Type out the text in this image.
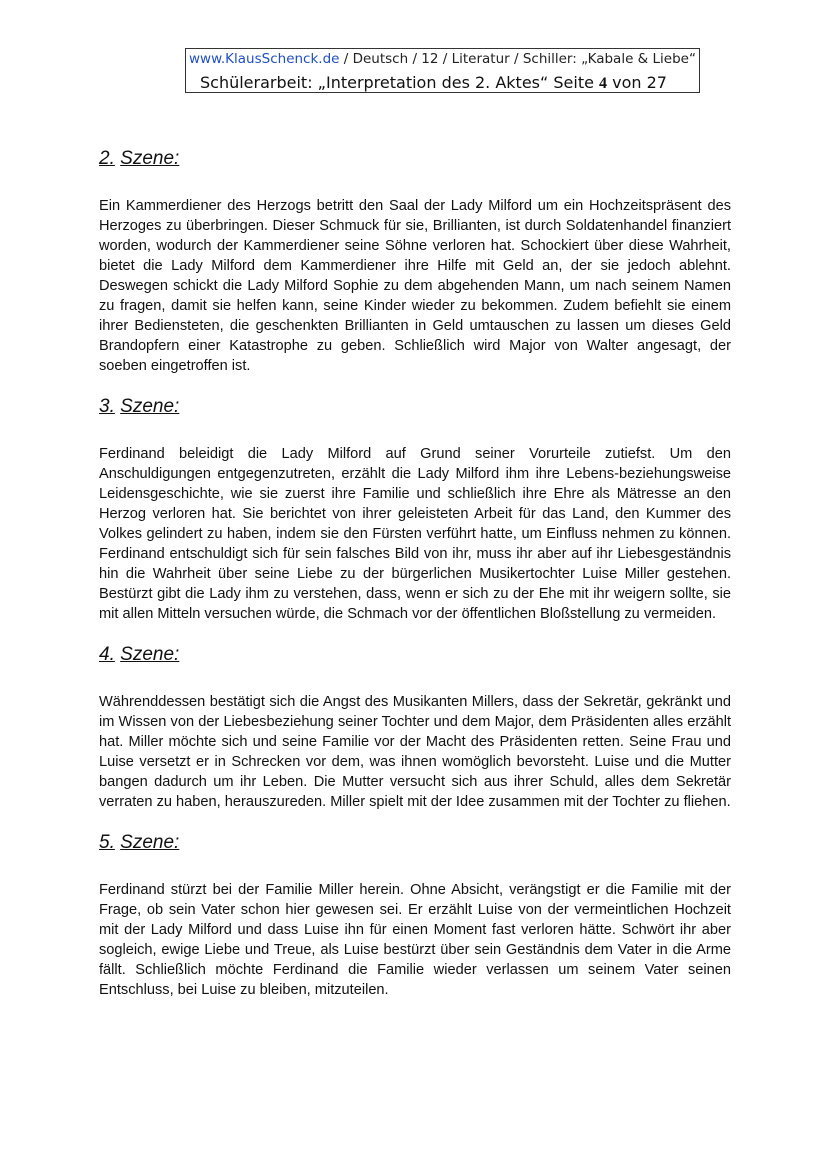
www.KlausSchenck.de / Deutsch / 12 / Literatur / Schiller: „Kabale & Liebe“
Schülerarbeit: „Interpretation des 2. Aktes“ Seite 4 von 27
2. Szene:

Ein Kammerdiener des Herzogs betritt den Saal der Lady Milford um ein Hochzeitspräsent des Herzoges zu überbringen. Dieser Schmuck für sie, Brillianten, ist durch Soldatenhandel finanziert worden, wodurch der Kammerdiener seine Söhne verloren hat. Schockiert über diese Wahrheit, bietet die Lady Milford dem Kammerdiener ihre Hilfe mit Geld an, der sie jedoch ablehnt. Deswegen schickt die Lady Milford Sophie zu dem abgehenden Mann, um nach seinem Namen zu fragen, damit sie helfen kann, seine Kinder wieder zu bekommen. Zudem befiehlt sie einem ihrer Bediensteten, die geschenkten Brillianten in Geld umtauschen zu lassen um dieses Geld Brandopfern einer Katastrophe zu geben. Schließlich wird Major von Walter angesagt, der soeben eingetroffen ist.

3. Szene:

Ferdinand beleidigt die Lady Milford auf Grund seiner Vorurteile zutiefst. Um den Anschuldigungen entgegenzutreten, erzählt die Lady Milford ihm ihre Lebens-beziehungsweise Leidensgeschichte, wie sie zuerst ihre Familie und schließlich ihre Ehre als Mätresse an den Herzog verloren hat. Sie berichtet von ihrer geleisteten Arbeit für das Land, den Kummer des Volkes gelindert zu haben, indem sie den Fürsten verführt hatte, um Einfluss nehmen zu können. Ferdinand entschuldigt sich für sein falsches Bild von ihr, muss ihr aber auf ihr Liebesgeständnis hin die Wahrheit über seine Liebe zu der bürgerlichen Musikertochter Luise Miller gestehen. Bestürzt gibt die Lady ihm zu verstehen, dass, wenn er sich zu der Ehe mit ihr weigern sollte, sie mit allen Mitteln versuchen würde, die Schmach vor der öffentlichen Bloßstellung zu vermeiden.

4. Szene:

Währenddessen bestätigt sich die Angst des Musikanten Millers, dass der Sekretär, gekränkt und im Wissen von der Liebesbeziehung seiner Tochter und dem Major, dem Präsidenten alles erzählt hat. Miller möchte sich und seine Familie vor der Macht des Präsidenten retten. Seine Frau und Luise versetzt er in Schrecken vor dem, was ihnen womöglich bevorsteht. Luise und die Mutter bangen dadurch um ihr Leben. Die Mutter versucht sich aus ihrer Schuld, alles dem Sekretär verraten zu haben, herauszureden. Miller spielt mit der Idee zusammen mit der Tochter zu fliehen.

5. Szene:

Ferdinand stürzt bei der Familie Miller herein. Ohne Absicht, verängstigt er die Familie mit der Frage, ob sein Vater schon hier gewesen sei. Er erzählt Luise von der vermeintlichen Hochzeit mit der Lady Milford und dass Luise ihn für einen Moment fast verloren hätte. Schwört ihr aber sogleich, ewige Liebe und Treue, als Luise bestürzt über sein Geständnis dem Vater in die Arme fällt. Schließlich möchte Ferdinand die Familie wieder verlassen um seinem Vater seinen Entschluss, bei Luise zu bleiben, mitzuteilen.
